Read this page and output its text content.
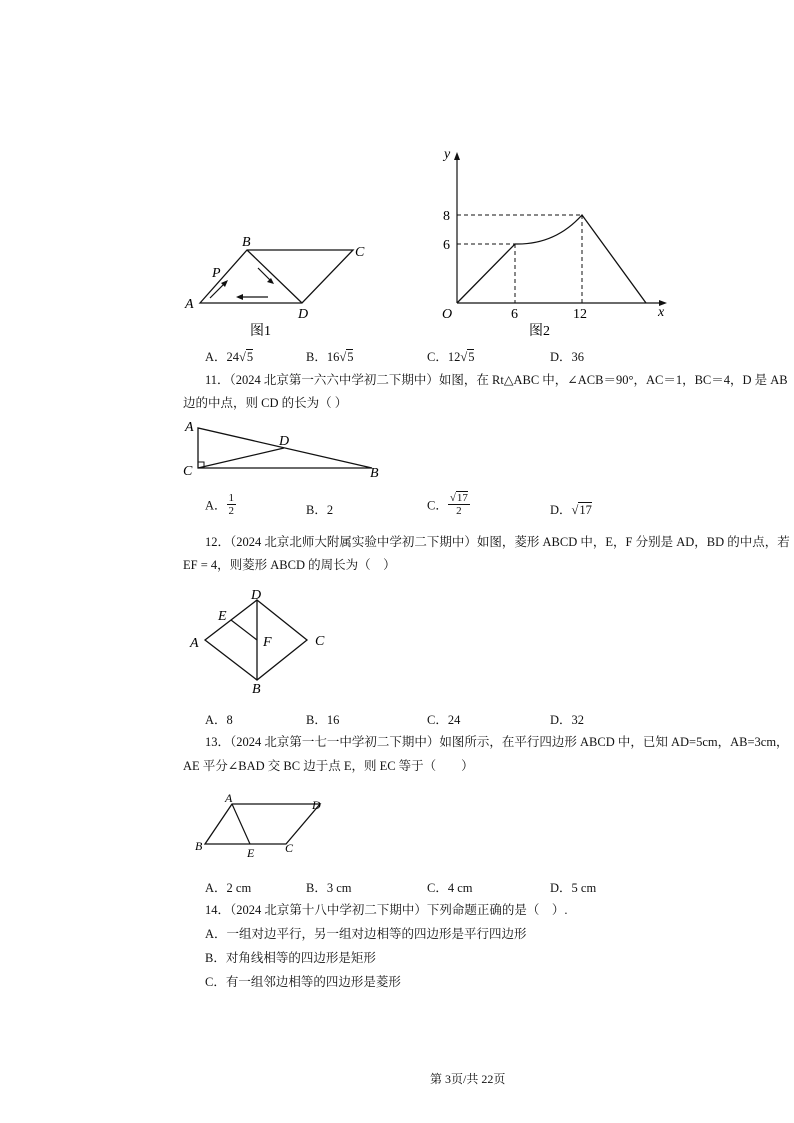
A
B
C
D
P
图1
y
x
O
8
6
6	12
图2
A．24√5	B．16√5	C．12√5	D．36
11．（2024 北京第一六六中学初二下期中）如图，在 Rt△ABC 中，∠ACB＝90°，AC＝1，BC＝4，D 是 AB
边的中点，则 CD 的长为（ ）
A
C
D
B
A． $\frac{1}{2}$	B．2	C． $\frac{√17}{2}$	D．√17
12．（2024 北京北师大附属实验中学初二下期中）如图，菱形 ABCD 中，E，F 分别是 AD，BD 的中点，若
EF = 4，则菱形 ABCD 的周长为（　）
D
E
A	F	C
B
A．8	B．16	C．24	D．32
13．（2024 北京第一七一中学初二下期中）如图所示，在平行四边形 ABCD 中，已知 AD=5cm，AB=3cm，
AE 平分∠BAD 交 BC 边于点 E，则 EC 等于（　　）
A	D
B	E	C
A．2 cm	B．3 cm	C．4 cm	D．5 cm
14．（2024 北京第十八中学初二下期中）下列命题正确的是（　）.
A．一组对边平行，另一组对边相等的四边形是平行四边形
B．对角线相等的四边形是矩形
C．有一组邻边相等的四边形是菱形
第 3页/共 22页
